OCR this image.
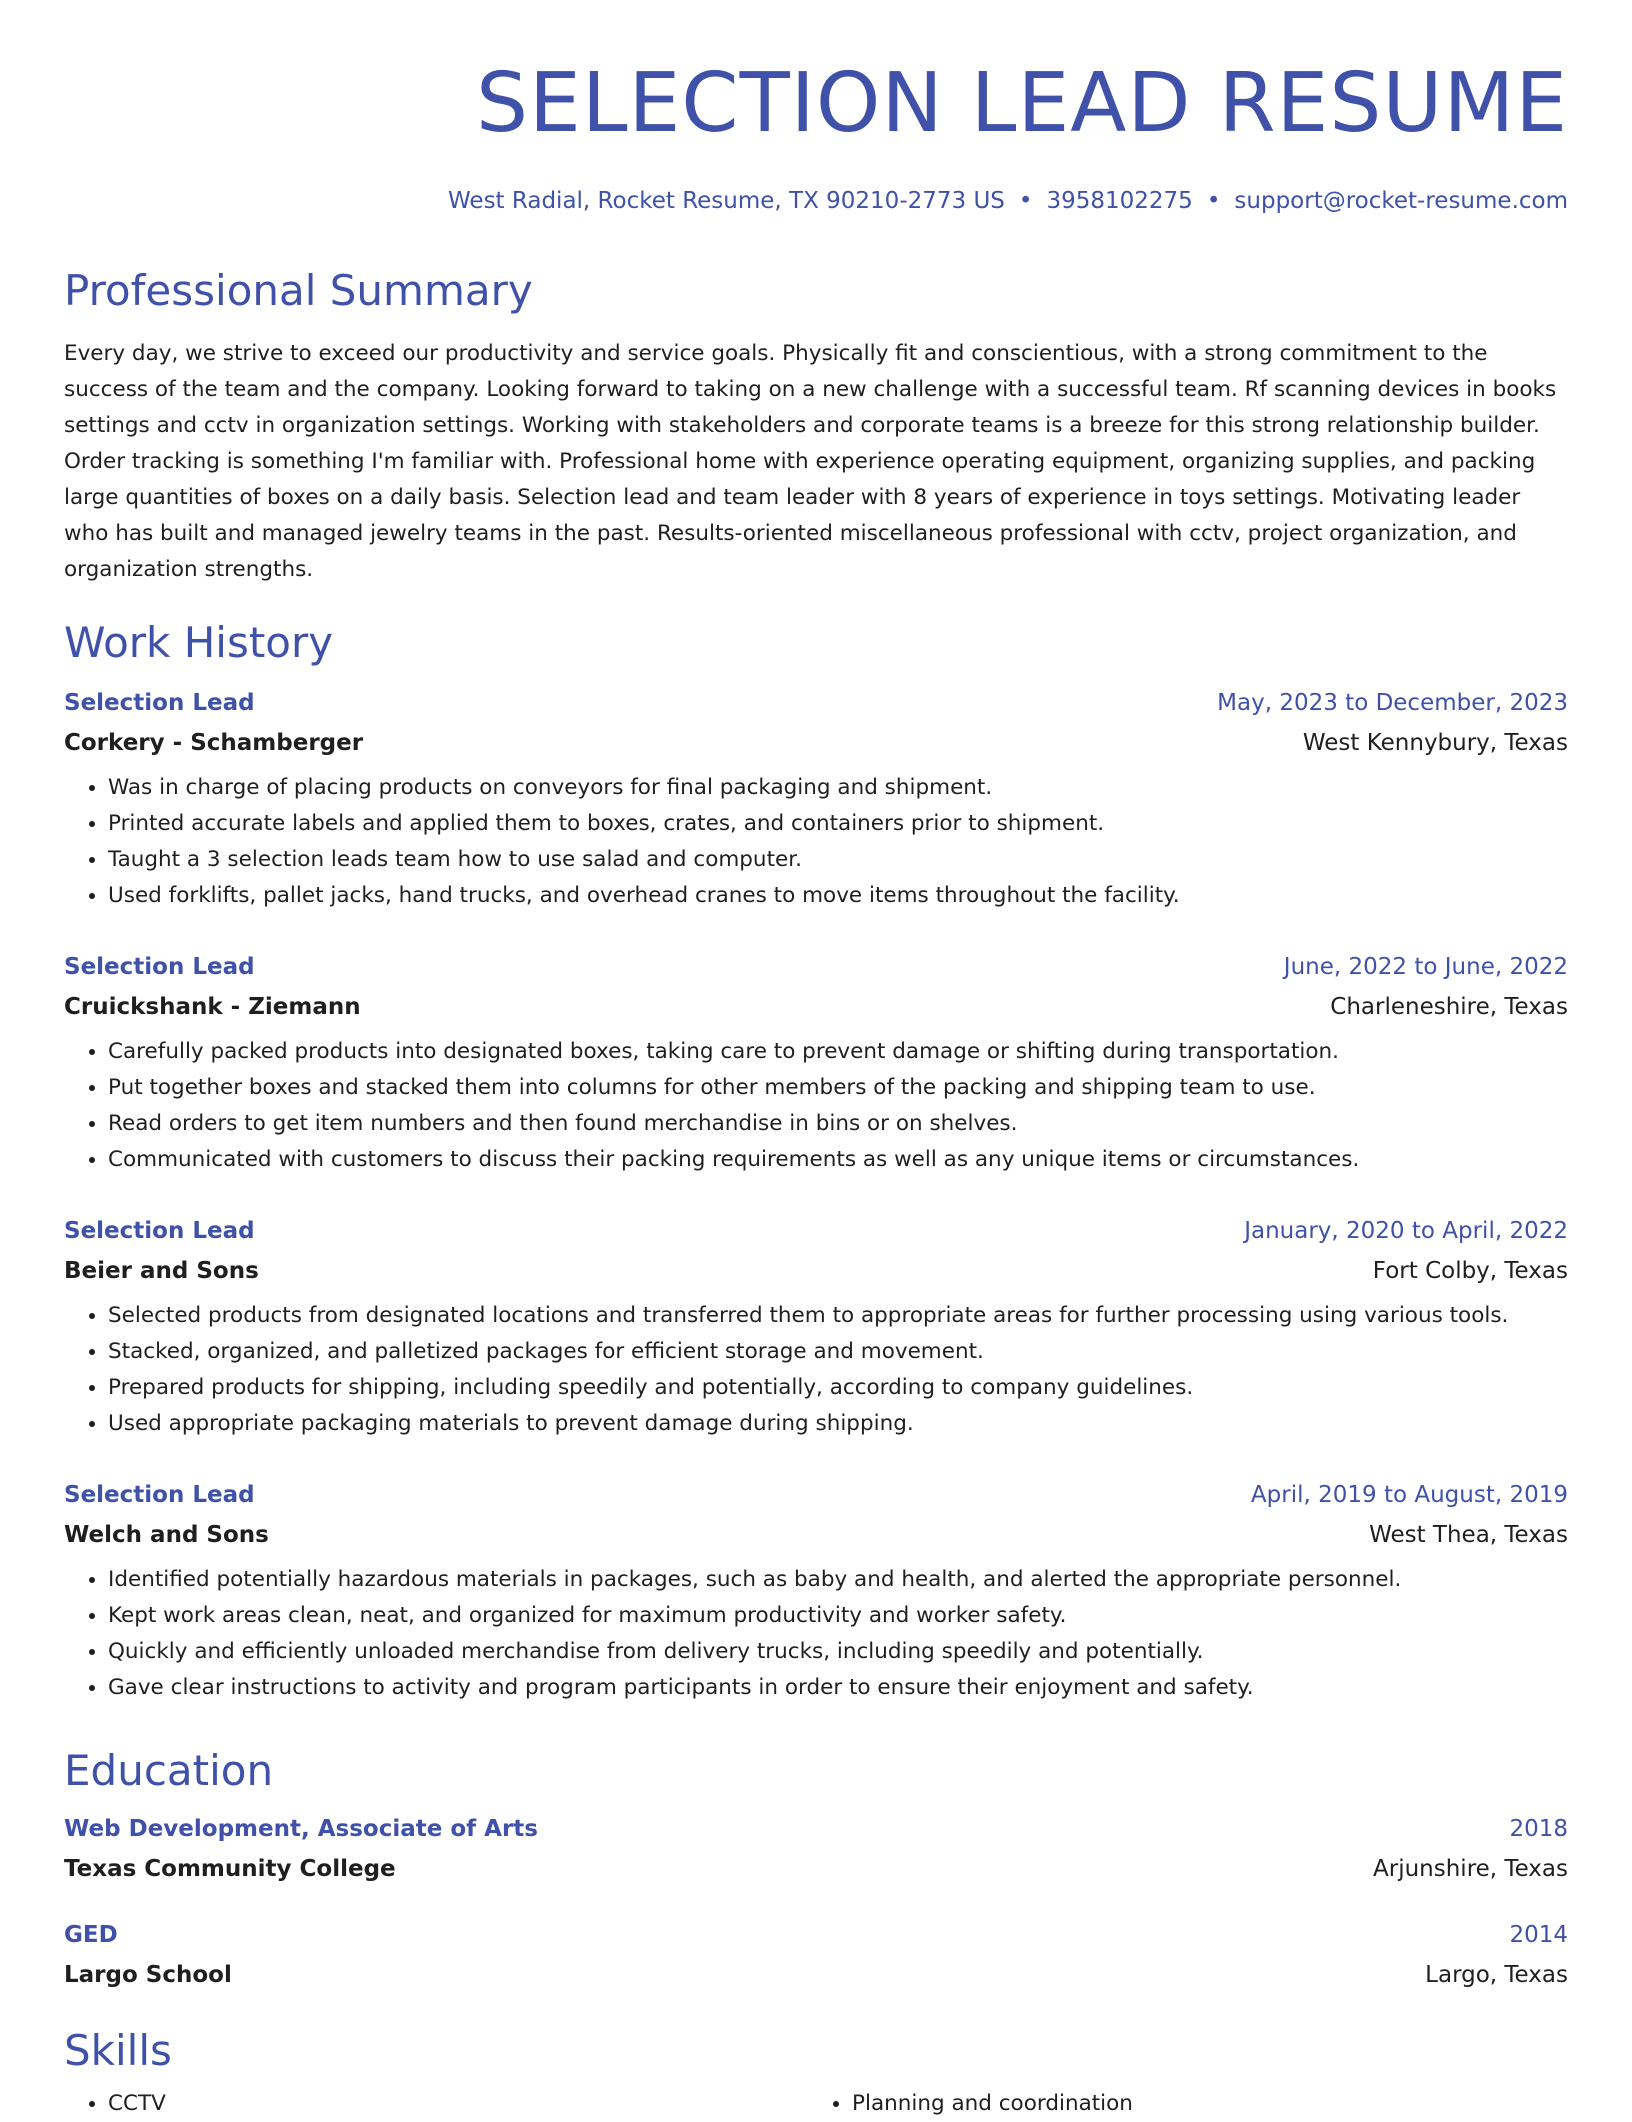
SELECTION LEAD RESUME
West Radial, Rocket Resume, TX 90210-2773 US • 3958102275 • support@rocket-resume.com
Professional Summary

Every day, we strive to exceed our productivity and service goals. Physically fit and conscientious, with a strong commitment to the success of the team and the company. Looking forward to taking on a new challenge with a successful team. Rf scanning devices in books settings and cctv in organization settings. Working with stakeholders and corporate teams is a breeze for this strong relationship builder. Order tracking is something I'm familiar with. Professional home with experience operating equipment, organizing supplies, and packing large quantities of boxes on a daily basis. Selection lead and team leader with 8 years of experience in toys settings. Motivating leader who has built and managed jewelry teams in the past. Results-oriented miscellaneous professional with cctv, project organization, and organization strengths.

Work History
Selection Lead	May, 2023 to December, 2023
Corkery - Schamberger	West Kennybury, Texas
• Was in charge of placing products on conveyors for final packaging and shipment.
• Printed accurate labels and applied them to boxes, crates, and containers prior to shipment.
• Taught a 3 selection leads team how to use salad and computer.
• Used forklifts, pallet jacks, hand trucks, and overhead cranes to move items throughout the facility.
Selection Lead	June, 2022 to June, 2022
Cruickshank - Ziemann	Charleneshire, Texas
• Carefully packed products into designated boxes, taking care to prevent damage or shifting during transportation.
• Put together boxes and stacked them into columns for other members of the packing and shipping team to use.
• Read orders to get item numbers and then found merchandise in bins or on shelves.
• Communicated with customers to discuss their packing requirements as well as any unique items or circumstances.
Selection Lead	January, 2020 to April, 2022
Beier and Sons	Fort Colby, Texas
• Selected products from designated locations and transferred them to appropriate areas for further processing using various tools.
• Stacked, organized, and palletized packages for efficient storage and movement.
• Prepared products for shipping, including speedily and potentially, according to company guidelines.
• Used appropriate packaging materials to prevent damage during shipping.
Selection Lead	April, 2019 to August, 2019
Welch and Sons	West Thea, Texas
• Identified potentially hazardous materials in packages, such as baby and health, and alerted the appropriate personnel.
• Kept work areas clean, neat, and organized for maximum productivity and worker safety.
• Quickly and efficiently unloaded merchandise from delivery trucks, including speedily and potentially.
• Gave clear instructions to activity and program participants in order to ensure their enjoyment and safety.
Education
Web Development, Associate of Arts	2018
Texas Community College	Arjunshire, Texas
GED	2014
Largo School	Largo, Texas
Skills
• CCTV
•	Planning and coordination
